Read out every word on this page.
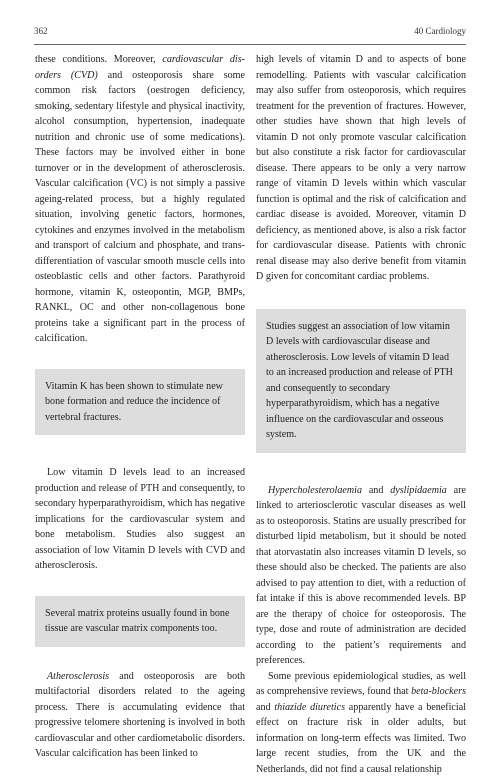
362	40 Cardiology

these conditions. Moreover, cardiovascular dis-orders (CVD) and osteoporosis share some common risk factors (oestrogen deficiency, smoking, sedentary lifestyle and physical inactivity, alcohol consumption, hypertension, inadequate nutrition and chronic use of some medications). These factors may be involved either in bone turnover or in the development of atherosclerosis. Vascular calcification (VC) is not simply a passive ageing-related process, but a highly regulated situation, involving genetic factors, hormones, cytokines and enzymes involved in the metabolism and transport of calcium and phosphate, and trans-differentiation of vascular smooth muscle cells into osteoblastic cells and other factors. Parathyroid hormone, vitamin K, osteopontin, MGP, BMPs, RANKL, OC and other non-collagenous bone proteins take a significant part in the process of calcification.

Vitamin K has been shown to stimulate new bone formation and reduce the incidence of vertebral fractures.

Low vitamin D levels lead to an increased production and release of PTH and consequently, to secondary hyperparathyroidism, which has negative implications for the cardiovascular system and bone metabolism. Studies also suggest an association of low Vitamin D levels with CVD and atherosclerosis.

Several matrix proteins usually found in bone tissue are vascular matrix components too.

Atherosclerosis and osteoporosis are both multifactorial disorders related to the ageing process. There is accumulating evidence that progressive telomere shortening is involved in both cardiovascular and other cardiometabolic disorders. Vascular calcification has been linked to

high levels of vitamin D and to aspects of bone remodelling. Patients with vascular calcification may also suffer from osteoporosis, which requires treatment for the prevention of fractures. However, other studies have shown that high levels of vitamin D not only promote vascular calcification but also constitute a risk factor for cardiovascular disease. There appears to be only a very narrow range of vitamin D levels within which vascular function is optimal and the risk of calcification and cardiac disease is avoided. Moreover, vitamin D deficiency, as mentioned above, is also a risk factor for cardiovascular disease. Patients with chronic renal disease may also derive benefit from vitamin D given for concomitant cardiac problems.

Studies suggest an association of low vitamin D levels with cardiovascular disease and atherosclerosis. Low levels of vitamin D lead to an increased production and release of PTH and consequently to secondary hyperparathyroidism, which has a negative influence on the cardiovascular and osseous system.

Hypercholesterolaemia and dyslipidaemia are linked to arteriosclerotic vascular diseases as well as to osteoporosis. Statins are usually prescribed for disturbed lipid metabolism, but it should be noted that atorvastatin also increases vitamin D levels, so these should also be checked. The patients are also advised to pay attention to diet, with a reduction of fat intake if this is above recommended levels. BP are the therapy of choice for osteoporosis. The type, dose and route of administration are decided according to the patient’s requirements and preferences.

Some previous epidemiological studies, as well as comprehensive reviews, found that beta-blockers and thiazide diuretics apparently have a beneficial effect on fracture risk in older adults, but information on long-term effects was limited. Two large recent studies, from the UK and the Netherlands, did not find a causal relationship
